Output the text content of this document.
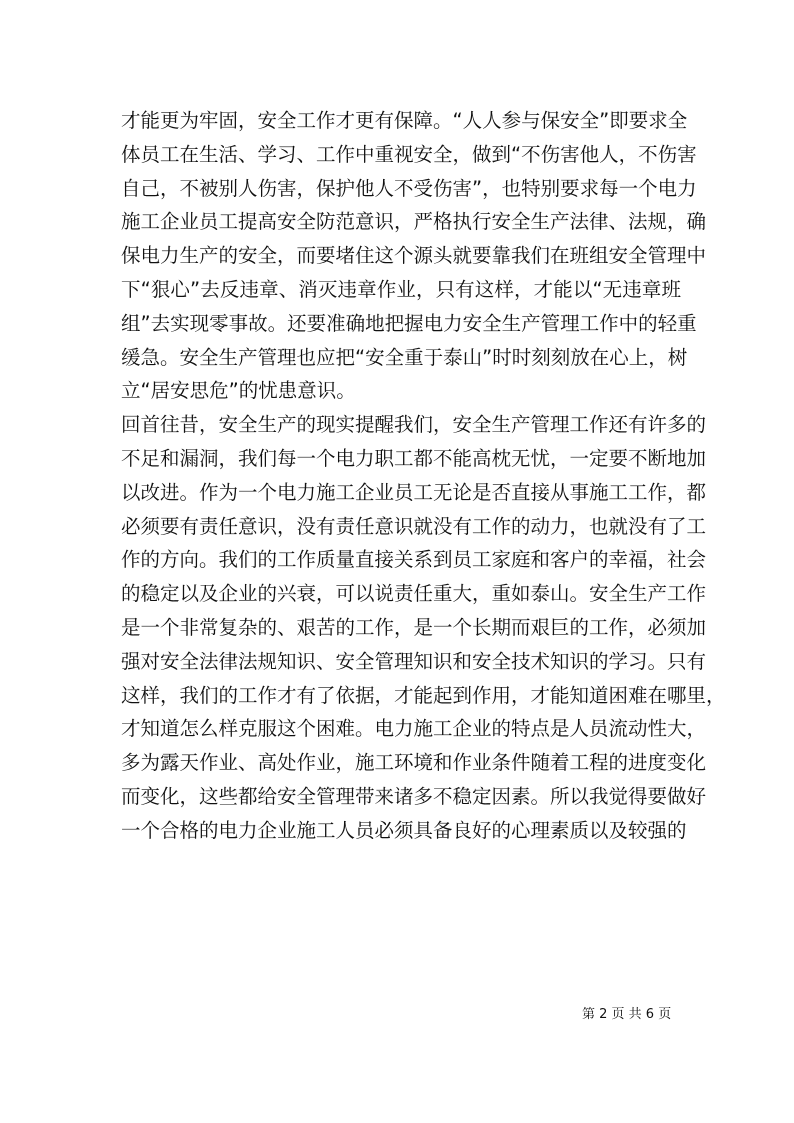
才能更为牢固，安全工作才更有保障。“人人参与保安全”即要求全
体员工在生活、学习、工作中重视安全，做到“不伤害他人，不伤害
自己，不被别人伤害，保护他人不受伤害”，也特别要求每一个电力
施工企业员工提高安全防范意识，严格执行安全生产法律、法规，确
保电力生产的安全，而要堵住这个源头就要靠我们在班组安全管理中
下“狠心”去反违章、消灭违章作业，只有这样，才能以“无违章班
组”去实现零事故。还要准确地把握电力安全生产管理工作中的轻重
缓急。安全生产管理也应把“安全重于泰山”时时刻刻放在心上，树
立“居安思危”的忧患意识。
回首往昔，安全生产的现实提醒我们，安全生产管理工作还有许多的
不足和漏洞，我们每一个电力职工都不能高枕无忧，一定要不断地加
以改进。作为一个电力施工企业员工无论是否直接从事施工工作，都
必须要有责任意识，没有责任意识就没有工作的动力，也就没有了工
作的方向。我们的工作质量直接关系到员工家庭和客户的幸福，社会
的稳定以及企业的兴衰，可以说责任重大，重如泰山。安全生产工作
是一个非常复杂的、艰苦的工作，是一个长期而艰巨的工作，必须加
强对安全法律法规知识、安全管理知识和安全技术知识的学习。只有
这样，我们的工作才有了依据，才能起到作用，才能知道困难在哪里，
才知道怎么样克服这个困难。电力施工企业的特点是人员流动性大，
多为露天作业、高处作业，施工环境和作业条件随着工程的进度变化
而变化，这些都给安全管理带来诸多不稳定因素。所以我觉得要做好
一个合格的电力企业施工人员必须具备良好的心理素质以及较强的
第 2 页 共 6 页
